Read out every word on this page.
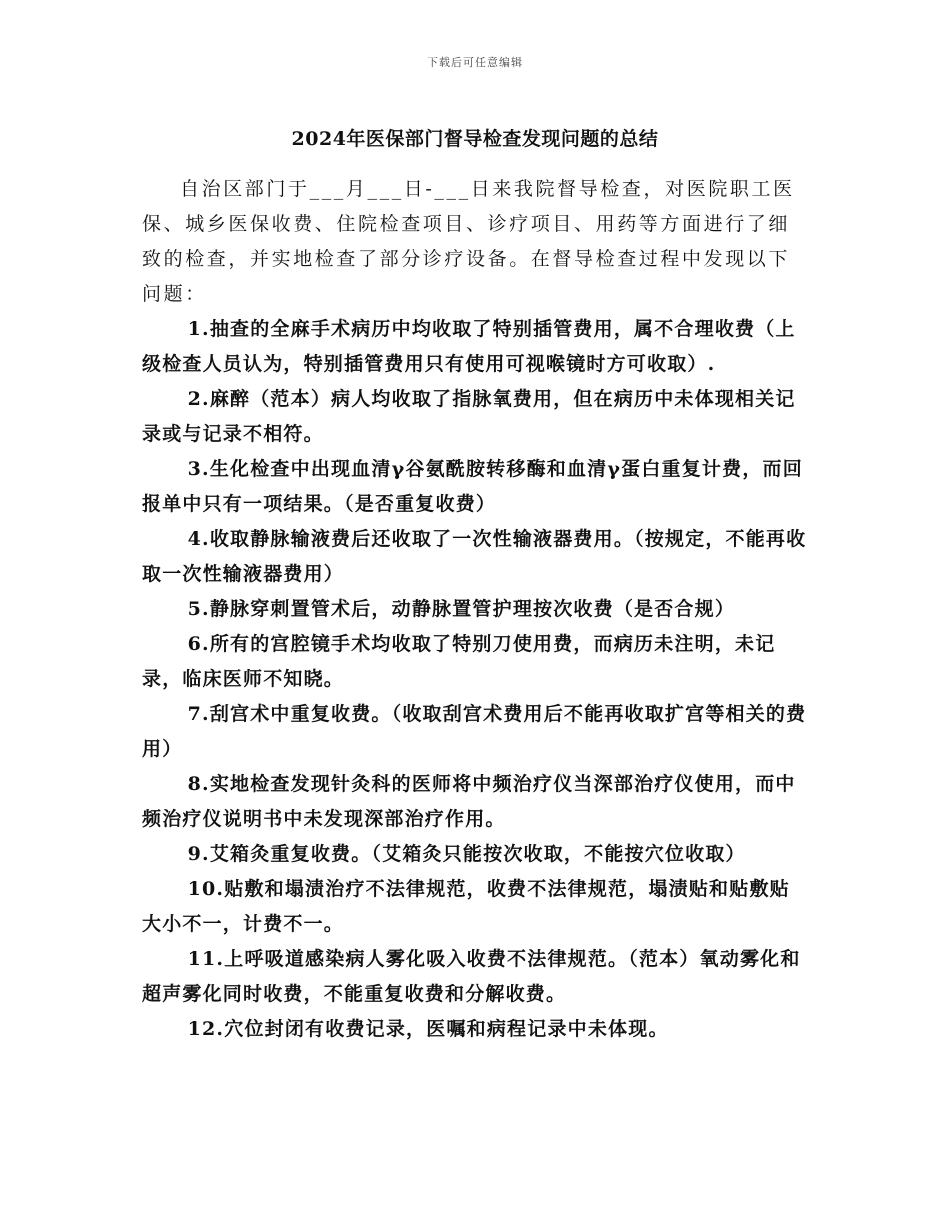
下载后可任意编辑
2024年医保部门督导检查发现问题的总结

自治区部门于___月___日-___日来我院督导检查，对医院职工医保、城乡医保收费、住院检查项目、诊疗项目、用药等方面进行了细致的检查，并实地检查了部分诊疗设备。在督导检查过程中发现以下问题：

1.抽查的全麻手术病历中均收取了特别插管费用，属不合理收费（上级检查人员认为，特别插管费用只有使用可视喉镜时方可收取）.
2.麻醉（范本）病人均收取了指脉氧费用，但在病历中未体现相关记录或与记录不相符。
3.生化检查中出现血清γ谷氨酰胺转移酶和血清γ蛋白重复计费，而回报单中只有一项结果。（是否重复收费）
4.收取静脉输液费后还收取了一次性输液器费用。（按规定，不能再收取一次性输液器费用）
5.静脉穿刺置管术后，动静脉置管护理按次收费（是否合规）
6.所有的宫腔镜手术均收取了特别刀使用费，而病历未注明，未记录，临床医师不知晓。
7.刮宫术中重复收费。（收取刮宫术费用后不能再收取扩宫等相关的费用）
8.实地检查发现针灸科的医师将中频治疗仪当深部治疗仪使用，而中频治疗仪说明书中未发现深部治疗作用。
9.艾箱灸重复收费。（艾箱灸只能按次收取，不能按穴位收取）
10.贴敷和塌渍治疗不法律规范，收费不法律规范，塌渍贴和贴敷贴大小不一，计费不一。
11.上呼吸道感染病人雾化吸入收费不法律规范。（范本）氧动雾化和超声雾化同时收费，不能重复收费和分解收费。
12.穴位封闭有收费记录，医嘱和病程记录中未体现。
